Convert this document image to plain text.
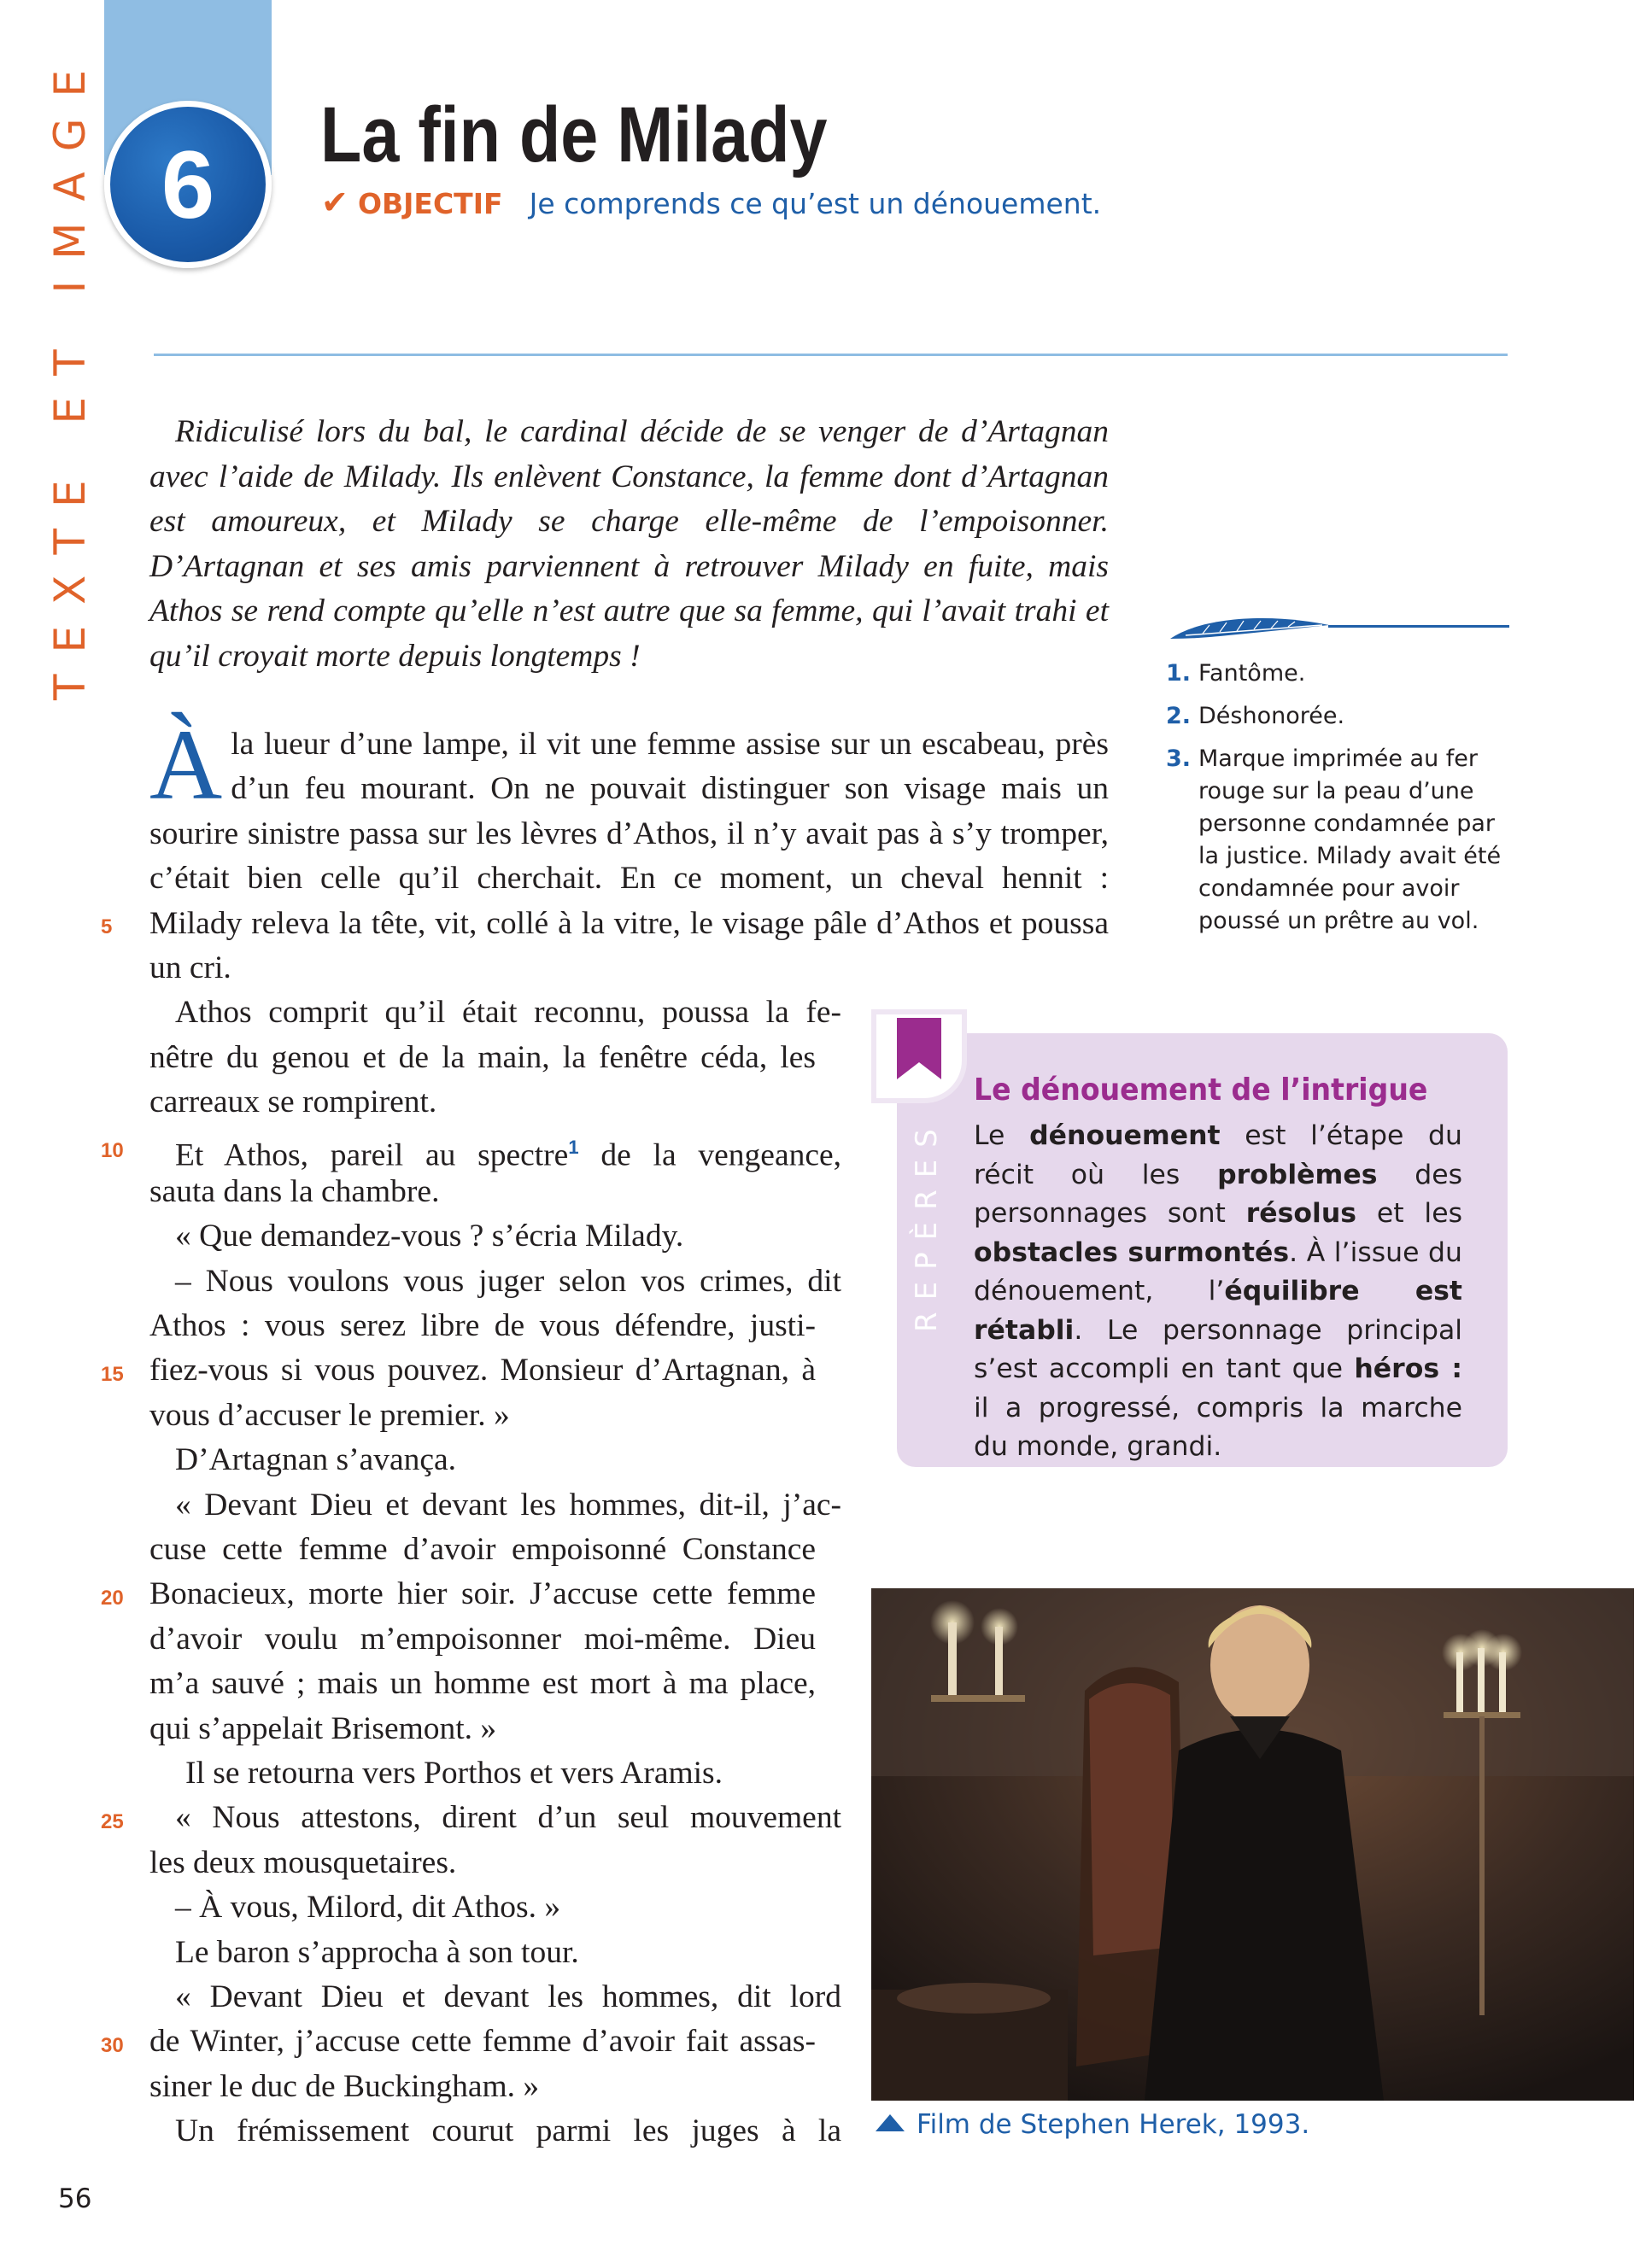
TEXTE ET IMAGE 6 La fin de Milady
✔ OBJECTIF Je comprends ce qu’est un dénouement.
Ridiculisé lors du bal, le cardinal décide de se venger de d’Artagnan avec l’aide de Milady. Ils enlèvent Constance, la femme dont d’Artagnan est amoureux, et Milady se charge elle-même de l’empoisonner. D’Artagnan et ses amis parviennent à retrouver Milady en fuite, mais Athos se rend compte qu’elle n’est autre que sa femme, qui l’avait trahi et qu’il croyait morte depuis longtemps !
À la lueur d’une lampe, il vit une femme assise sur un escabeau, près
d’un feu mourant. On ne pouvait distinguer son visage mais un
sourire sinistre passa sur les lèvres d’Athos, il n’y avait pas à s’y tromper,
c’était bien celle qu’il cherchait. En ce moment, un cheval hennit :
Milady releva la tête, vit, collé à la vitre, le visage pâle d’Athos et poussa
un cri.
Athos comprit qu’il était reconnu, poussa la fe-
nêtre du genou et de la main, la fenêtre céda, les
carreaux se rompirent.
Et Athos, pareil au spectre$^1$ de la vengeance,
sauta dans la chambre.
« Que demandez-vous ? s’écria Milady.
– Nous voulons vous juger selon vos crimes, dit
Athos : vous serez libre de vous défendre, justi-
fiez-vous si vous pouvez. Monsieur d’Artagnan, à
vous d’accuser le premier. »
D’Artagnan s’avança.
« Devant Dieu et devant les hommes, dit-il, j’ac-
cuse cette femme d’avoir empoisonné Constance
Bonacieux, morte hier soir. J’accuse cette femme
d’avoir voulu m’empoisonner moi-même. Dieu
m’a sauvé ; mais un homme est mort à ma place,
qui s’appelait Brisemont. »
Il se retourna vers Porthos et vers Aramis.
« Nous attestons, dirent d’un seul mouvement
les deux mousquetaires.
– À vous, Milord, dit Athos. »
Le baron s’approcha à son tour.
« Devant Dieu et devant les hommes, dit lord
de Winter, j’accuse cette femme d’avoir fait assas-
siner le duc de Buckingham. »
Un frémissement courut parmi les juges à la
5
10
15
20
25
30
1. Fantôme.
2. Déshonorée.
3. Marque imprimée au fer rouge sur la peau d’une personne condamnée par la justice. Milady avait été condamnée pour avoir poussé un prêtre au vol.
REPÈRES
Le dénouement de l’intrigue
Le dénouement est l’étape du récit où les problèmes des personnages sont résolus et les obstacles surmontés. À l’issue du dénouement, l’équilibre est rétabli. Le personnage principal s’est accompli en tant que héros : il a progressé, compris la marche du monde, grandi.
Film de Stephen Herek, 1993.
56
